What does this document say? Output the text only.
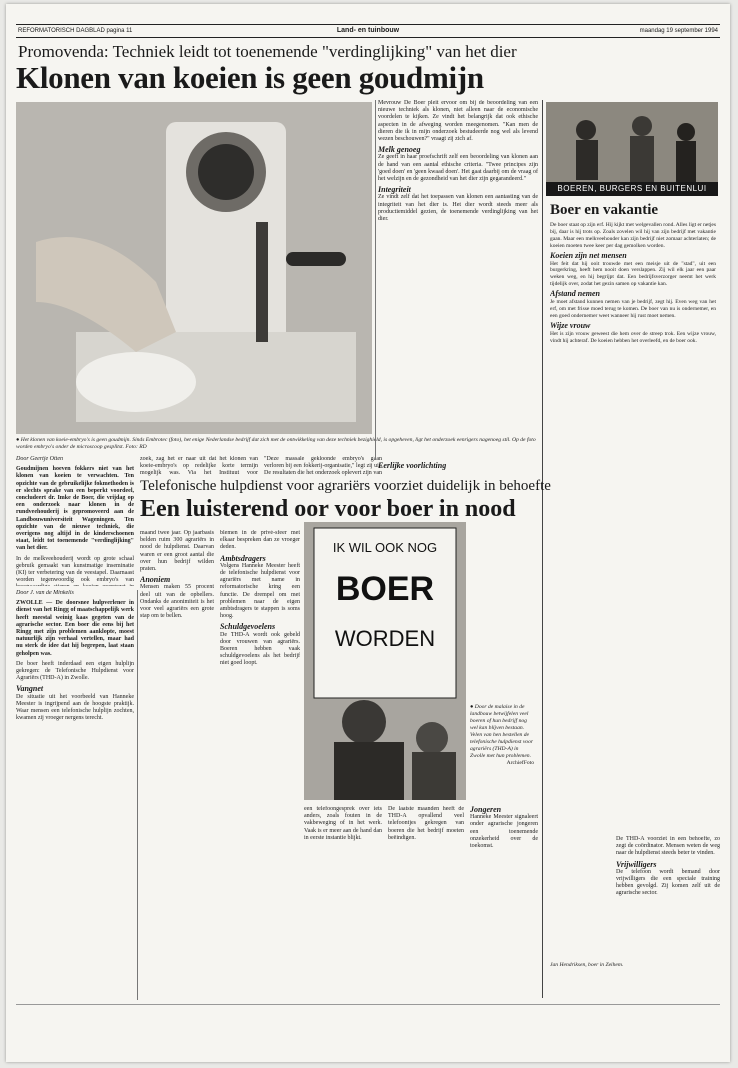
REFORMATORISCH DAGBLAD pagina 11	Land- en tuinbouw	maandag 19 september 1994
Promovenda: Techniek leidt tot toenemende "verdinglijking" van het dier
Klonen van koeien is geen goudmijn
● Het klonen van koeie-embryo's is geen goudmijn. Sinds Embrotec (foto), het enige Nederlandse bedrijf dat zich met de ontwikkeling van deze techniek bezighield, is opgeheven, ligt het onderzoek eenrigers nagenoeg stil. Op de foto worden embryo's onder de microscoop gesplitst. Foto: RD
Door Geertje Otten
Goudmijnen hoeven fokkers niet van het klonen van koeien te verwachten. Ten opzichte van de gebruikelijke fokmethoden is er slechts sprake van een beperkt voordeel, concludeert dr. Imke de Boer, die vrijdag op een onderzoek naar klonen in de rundveehouderij is gepromoveerd aan de Landbouwuniversiteit Wageningen. Ten opzichte van de nieuwe techniek, die overigens nog altijd in de kinderschoenen staat, leidt tot toenemende "verdinglijking" van het dier.

In de melkveehouderij wordt op grote schaal gebruik gemaakt van kunstmatige inseminatie (KI) ter verbetering van de veestapel. Daarnaast worden tegenwoordig ook embryo's van

zoek, zag het er naar uit dat het klonen van koeie-embryo's op redelijke korte termijn mogelijk was. Via het Instituut voor

"Deze massale gekloonde embryo's gaan verloren bij een fokkerij-organisatie," legt zij uit. De resultaten die het onderzoek oplevert zijn van

Mevrouw De Boer pleit ervoor om bij de beoordeling van een nieuwe techniek als klonen, niet alleen naar de economische voordelen te kijken. Ze vindt het belangrijk dat ook ethische aspecten in de afweging worden meegenomen. "Kan men de dieren die ik in mijn onderzoek bestudeerde nog wel als levend wezen beschouwen?" vraagt zij zich af.

Melk genoeg

Ze geeft in haar proefschrift zelf een beoordeling van klonen aan de hand van een aantal ethische criteria. "Twee principes zijn 'goed doen' en 'geen kwaad doen'. Het gaat daarbij om de vraag of het welzijn en de gezondheid van het dier zijn gegarandeerd."

Integriteit

Ze vindt zelf dat het toepassen van klonen een aantasting van de integriteit van het dier is. Het dier wordt steeds meer als productiemiddel gezien, de toenemende verdinglijking van het dier.

Eerlijke voorlichting
BOEREN, BURGERS EN BUITENLUI
Boer en vakantie

De boer staat op zijn erf. Hij kijkt met welgevallen rond. Alles ligt er netjes bij, daar is hij trots op. Zoals zovelen wil hij van zijn bedrijf met vakantie gaan. Maar een melkveehouder kan zijn bedrijf niet zomaar achterlaten; de koeien moeten twee keer per dag gemolken worden.

Koeien zijn net mensen

Het feit dat hij ooit trouwde met een meisje uit de "stad", uit een burgerkring, heeft hem nooit doen verslappen. Zij wil elk jaar een paar weken weg, en hij begrijpt dat. Een bedrijfsverzorger neemt het werk tijdelijk over, zodat het gezin samen op vakantie kan.

Afstand nemen

Je moet afstand kunnen nemen van je bedrijf, zegt hij. Even weg van het erf, om met frisse moed terug te komen. De boer van nu is ondernemer, en een goed ondernemer weet wanneer hij rust moet nemen.

Wijze vrouw

Het is zijn vrouw geweest die hem over de streep trok. Een wijze vrouw, vindt hij achteraf. De koeien hebben het overleefd, en de boer ook.

Jan Hendriksen, boer in Zeihem.
Door J. van de Minkelis
ZWOLLE — De doorsnee hulpverlener in dienst van het Ringg of maatschappelijk werk heeft meestal weinig kaas gegeten van de agrarische sector. Een boer die eens bij het Ringg met zijn problemen aanklopte, moest natuurlijk zijn verhaal vertellen, maar had nu sterk de idee dat hij begrepen, laat staan geholpen was.

De boer heeft inderdaad een eigen hulplijn gekregen: de Telefonische Hulpdienst voor Agrariërs (THD-A) in Zwolle.

Vangnet

De situatie uit het voorbeeld van Hanneke Meester is ingrijpend aan de hoogste praktijk. Waar mensen een telefonische hulplijn zochten, kwamen zij vroeger nergens terecht.

Telefonische hulpdienst voor agrariërs voorziet duidelijk in behoefte
Een luisterend oor voor boer in nood

maand twee jaar. Op jaarbasis belden ruim 300 agrariërs in nood de hulpdienst. Daarvan waren er een groot aantal die over hun bedrijf wilden praten.

Anoniem

Mensen maken 55 procent deel uit van de opbellers. Ondanks de anonimiteit is het voor veel agrariërs een grote stap om te bellen.

blemen in de privé-sfeer met elkaar bespreken dan ze vroeger deden.

Ambtsdragers

Volgens Hanneke Meester heeft de telefonische hulpdienst voor agrariërs met name in reformatorische kring een functie. De drempel om met problemen naar de eigen ambtsdragers te stappen is soms hoog.

Schuldgevoelens

De THD-A wordt ook gebeld door vrouwen van agrariërs. Boeren hebben vaak schuldgevoelens als het bedrijf niet goed loopt.

IK WIL OOK NOG
BOER
WORDEN
● Door de malaise in de landbouw betwijfelen veel boeren of hun bedrijf nog wel kan blijven bestaan. Velen van hen bestellen de telefonische hulpdienst voor agrariërs (THD-A) in Zwolle met hun problemen.
ArchiefFoto

een telefoongesprek over iets anders, zoals fouten in de vakbeweging of in het werk. Vaak is er meer aan de hand dan in eerste instantie blijkt.

De laatste maanden heeft de THD-A opvallend veel telefoontjes gekregen van boeren die het bedrijf moeten beëindigen.

Jongeren

Hanneke Meester signaleert onder agrarische jongeren een toenemende onzekerheid over de toekomst.

De THD-A voorziet in een behoefte, zo zegt de coördinator. Mensen weten de weg naar de hulpdienst steeds beter te vinden.

Vrijwilligers

De telefoon wordt bemand door vrijwilligers die een speciale training hebben gevolgd. Zij komen zelf uit de agrarische sector.
